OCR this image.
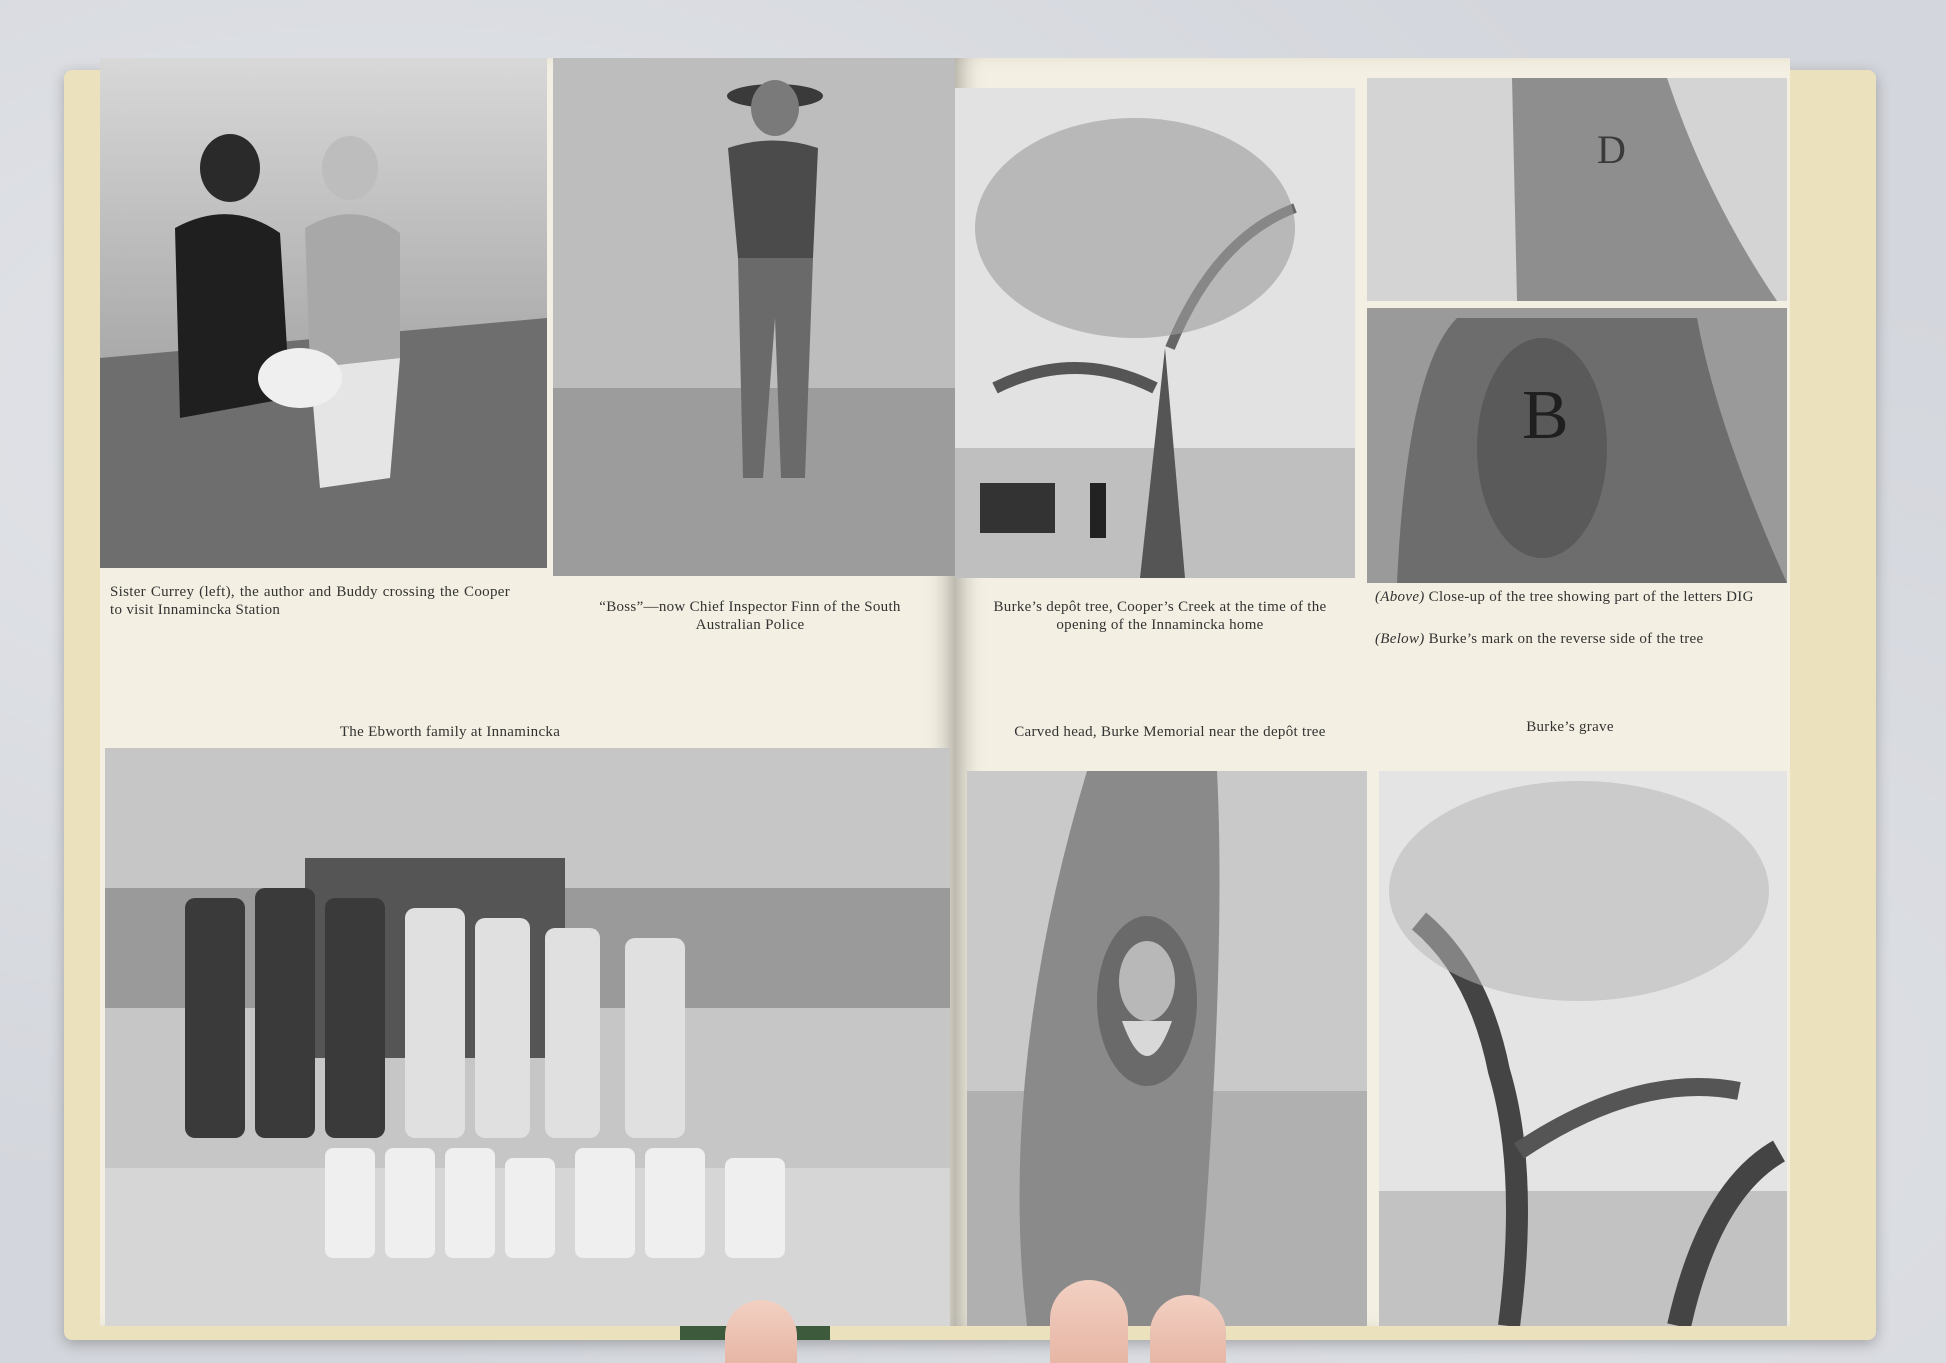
Sister Currey (left), the author and Buddy crossing the Cooper to visit Innamincka Station	“Boss”—now Chief Inspector Finn of the South Australian Police
The Ebworth family at Innamincka
D
B
Burke’s depôt tree, Cooper’s Creek at the time of the opening of the Innamincka home
(Above) Close-up of the tree showing part of the letters DIG
(Below) Burke’s mark on the reverse side of the tree
Carved head, Burke Memorial near the depôt tree	Burke’s grave
